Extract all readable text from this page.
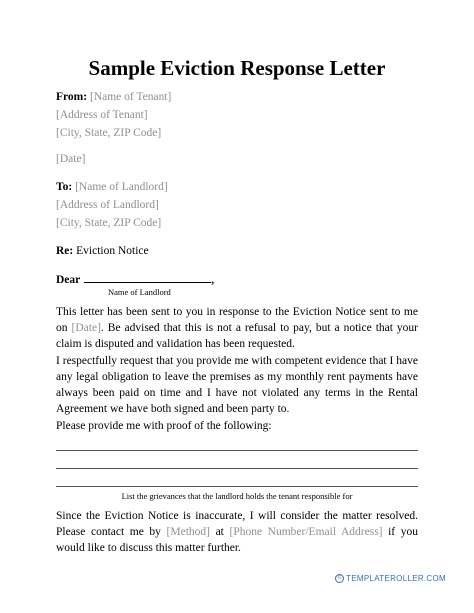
Sample Eviction Response Letter
From: [Name of Tenant]
[Address of Tenant]
[City, State, ZIP Code]
[Date]
To: [Name of Landlord]
[Address of Landlord]
[City, State, ZIP Code]
Re: Eviction Notice
Dear	,
Name of Landlord

This letter has been sent to you in response to the Eviction Notice sent to me on [Date]. Be advised that this is not a refusal to pay, but a notice that your claim is disputed and validation has been requested.

I respectfully request that you provide me with competent evidence that I have any legal obligation to leave the premises as my monthly rent payments have always been paid on time and I have not violated any terms in the Rental Agreement we have both signed and been party to.

Please provide me with proof of the following:

List the grievances that the landlord holds the tenant responsible for

Since the Eviction Notice is inaccurate, I will consider the matter resolved. Please contact me by [Method] at [Phone Number/Email Address] if you would like to discuss this matter further.

© TEMPLATEROLLER.COM
